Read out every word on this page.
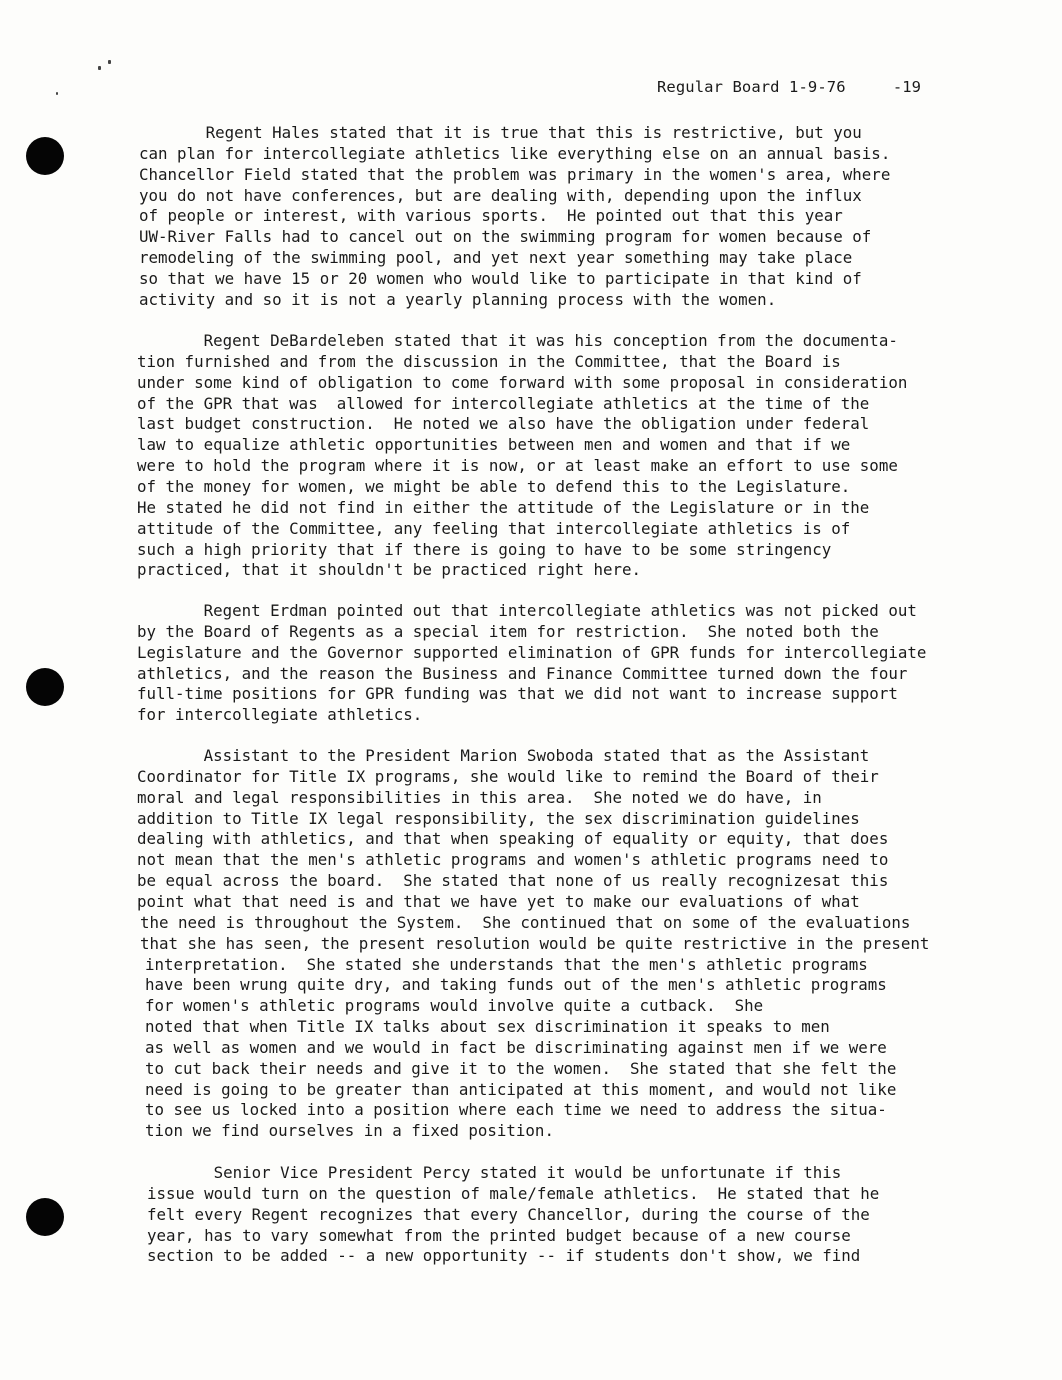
Regular Board 1-9-76	-19
Regent Hales stated that it is true that this is restrictive, but you
can plan for intercollegiate athletics like everything else on an annual basis.
Chancellor Field stated that the problem was primary in the women's area, where
you do not have conferences, but are dealing with, depending upon the influx
of people or interest, with various sports.  He pointed out that this year
UW-River Falls had to cancel out on the swimming program for women because of
remodeling of the swimming pool, and yet next year something may take place
so that we have 15 or 20 women who would like to participate in that kind of
activity and so it is not a yearly planning process with the women.
Regent DeBardeleben stated that it was his conception from the documenta-
tion furnished and from the discussion in the Committee, that the Board is
under some kind of obligation to come forward with some proposal in consideration
of the GPR that was  allowed for intercollegiate athletics at the time of the
last budget construction.  He noted we also have the obligation under federal
law to equalize athletic opportunities between men and women and that if we
were to hold the program where it is now, or at least make an effort to use some
of the money for women, we might be able to defend this to the Legislature.
He stated he did not find in either the attitude of the Legislature or in the
attitude of the Committee, any feeling that intercollegiate athletics is of
such a high priority that if there is going to have to be some stringency
practiced, that it shouldn't be practiced right here.
Regent Erdman pointed out that intercollegiate athletics was not picked out
by the Board of Regents as a special item for restriction.  She noted both the
Legislature and the Governor supported elimination of GPR funds for intercollegiate
athletics, and the reason the Business and Finance Committee turned down the four
full-time positions for GPR funding was that we did not want to increase support
for intercollegiate athletics.
Assistant to the President Marion Swoboda stated that as the Assistant
Coordinator for Title IX programs, she would like to remind the Board of their
moral and legal responsibilities in this area.  She noted we do have, in
addition to Title IX legal responsibility, the sex discrimination guidelines
dealing with athletics, and that when speaking of equality or equity, that does
not mean that the men's athletic programs and women's athletic programs need to
be equal across the board.  She stated that none of us really recognizesat this
point what that need is and that we have yet to make our evaluations of what
the need is throughout the System.  She continued that on some of the evaluations
that she has seen, the present resolution would be quite restrictive in the present
interpretation.  She stated she understands that the men's athletic programs
have been wrung quite dry, and taking funds out of the men's athletic programs
for women's athletic programs would involve quite a cutback.  She
noted that when Title IX talks about sex discrimination it speaks to men
as well as women and we would in fact be discriminating against men if we were
to cut back their needs and give it to the women.  She stated that she felt the
need is going to be greater than anticipated at this moment, and would not like
to see us locked into a position where each time we need to address the situa-
tion we find ourselves in a fixed position.
Senior Vice President Percy stated it would be unfortunate if this
issue would turn on the question of male/female athletics.  He stated that he
felt every Regent recognizes that every Chancellor, during the course of the
year, has to vary somewhat from the printed budget because of a new course
section to be added -- a new opportunity -- if students don't show, we find
